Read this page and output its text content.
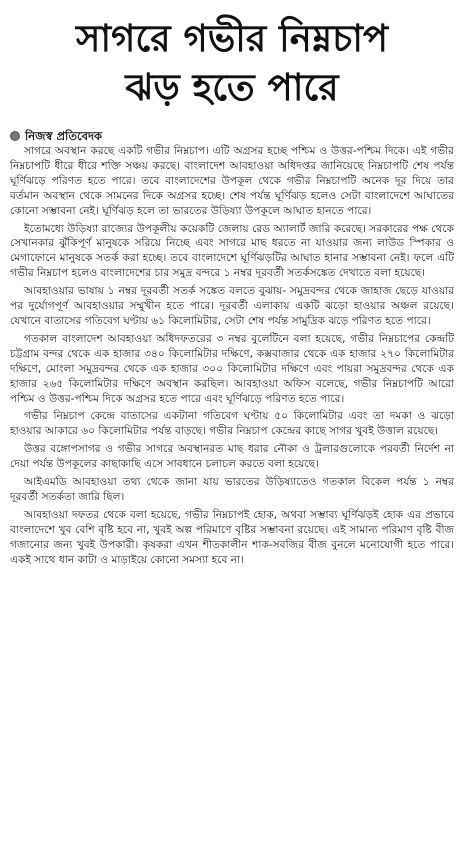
সাগরে গভীর নিম্নচাপ
ঝড় হতে পারে
নিজস্ব প্রতিবেদক

সাগরে অবস্থান করছে একটি গভীর নিম্নচাপ। এটি অগ্রসর হচ্ছে পশ্চিম ও উত্তর-পশ্চিম দিকে। এই গভীর নিম্নচাপটি ধীরে ধীরে শক্তি সঞ্চয় করছে। বাংলাদেশ আবহাওয়া অধিদপ্তর জানিয়েছে নিম্নচাপটি শেষ পর্যন্ত ঘূর্ণিঝড়ে পরিণত হতে পারে। তবে বাংলাদেশের উপকূল থেকে গভীর নিম্নচাপটি অনেক দূর দিয়ে তার বর্তমান অবস্থান থেকে সামনের দিকে অগ্রসর হচ্ছে। শেষ পর্যন্ত ঘূর্ণিঝড় হলেও সেটা বাংলাদেশে আঘাতের কোনো সম্ভাবনা নেই। ঘূর্ণিঝড় হলে তা ভারতের উড়িষ্যা উপকূলে আঘাত হানতে পারে।

ইতোমধ্যে উড়িষ্যা রাজ্যের উপকূলীয় কয়েকটি জেলায় রেড অ্যালার্ট জারি করেছে। সরকারের পক্ষ থেকে সেখানকার ঝুঁকিপূর্ণ মানুষকে সরিয়ে নিচ্ছে এবং সাগরে মাছ ধরতে না যাওয়ার জন্য লাউড স্পিকার ও মেগাফোনে মানুষকে সতর্ক করা হচ্ছে। তবে বাংলাদেশে ঘূর্ণিঝড়টির আঘাত হানার সম্ভাবনা নেই। ফলে এটি গভীর নিম্নচাপ হলেও বাংলাদেশের চার সমুদ্র বন্দরে ১ নম্বর দূরবর্তী সতর্কসঙ্কেত দেখাতে বলা হয়েছে।

আবহাওয়ার ভাষায় ১ নম্বর দূরবর্তী সতর্ক সঙ্কেত বলতে বুঝায়- সমুদ্রবন্দর থেকে জাহাজ ছেড়ে যাওয়ার পর দুর্যোগপূর্ণ আবহাওয়ার সম্মুখীন হতে পারে। দূরবর্তী এলাকায় একটি ঝড়ো হাওয়ার অঞ্চল রয়েছে। যেখানে বাতাসের গতিবেগ ঘণ্টায় ৬১ কিলোমিটার, সেটা শেষ পর্যন্ত সামুদ্রিক ঝড়ে পরিণত হতে পারে।

গতকাল বাংলাদেশ আবহাওয়া অধিদফতরের ৩ নম্বর বুলেটিনে বলা হয়েছে, গভীর নিম্নচাপের কেন্দ্রটি চট্টগ্রাম বন্দর থেকে এক হাজার ৩৪০ কিলোমিটার দক্ষিণে, কক্সবাজার থেকে এক হাজার ২৭০ কিলোমিটার দক্ষিণে, মোংলা সমুদ্রবন্দর থেকে এক হাজার ৩০০ কিলোমিটার দক্ষিণে এবং পায়রা সমুদ্রবন্দর থেকে এক হাজার ২৬৫ কিলোমিটার দক্ষিণে অবস্থান করছিল। আবহাওয়া অফিস বলেছে, গভীর নিম্নচাপটি আরো পশ্চিম ও উত্তর-পশ্চিম দিকে অগ্রসর হতে পারে এবং ঘূর্ণিঝড়ে পরিণত হতে পারে।

গভীর নিম্নচাপ কেন্দ্রে বাতাসের একটানা গতিবেগ ঘণ্টায় ৫০ কিলোমিটার এবং তা দমকা ও ঝড়ো হাওয়ার আকারে ৬০ কিলোমিটার পর্যন্ত বাড়ছে। গভীর নিম্নচাপ কেন্দ্রের কাছে সাগর খুবই উত্তাল রয়েছে।

উত্তর বঙ্গোপসাগর ও গভীর সাগরে অবস্থানরত মাছ ধরার নৌকা ও ট্রলারগুলোকে পরবর্তী নির্দেশ না দেয়া পর্যন্ত উপকূলের কাছাকাছি এসে সাবধানে চলাচল করতে বলা হয়েছে।

আইএমডি আবহাওয়া তথ্য থেকে জানা যায় ভারতের উড়িষ্যাতেও গতকাল বিকেল পর্যন্ত ১ নম্বর দূরবর্তী সতর্কতা জারি ছিল।

আবহাওয়া দফতর থেকে বলা হয়েছে, গভীর নিম্নচাপই হোক, অথবা সম্ভাব্য ঘূর্ণিঝড়ই হোক এর প্রভাবে বাংলাদেশে খুব বেশি বৃষ্টি হবে না, খুবই অল্প পরিমাণে বৃষ্টির সম্ভাবনা রয়েছে। এই সামান্য পরিমাণ বৃষ্টি বীজ গজানোর জন্য খুবই উপকারী। কৃষকরা এখন শীতকালীন শাক-সবজির বীজ বুনলে মনোযোগী হতে পারে। একই সাথে ধান কাটা ও মাড়াইয়ে কোনো সমস্যা হবে না।
